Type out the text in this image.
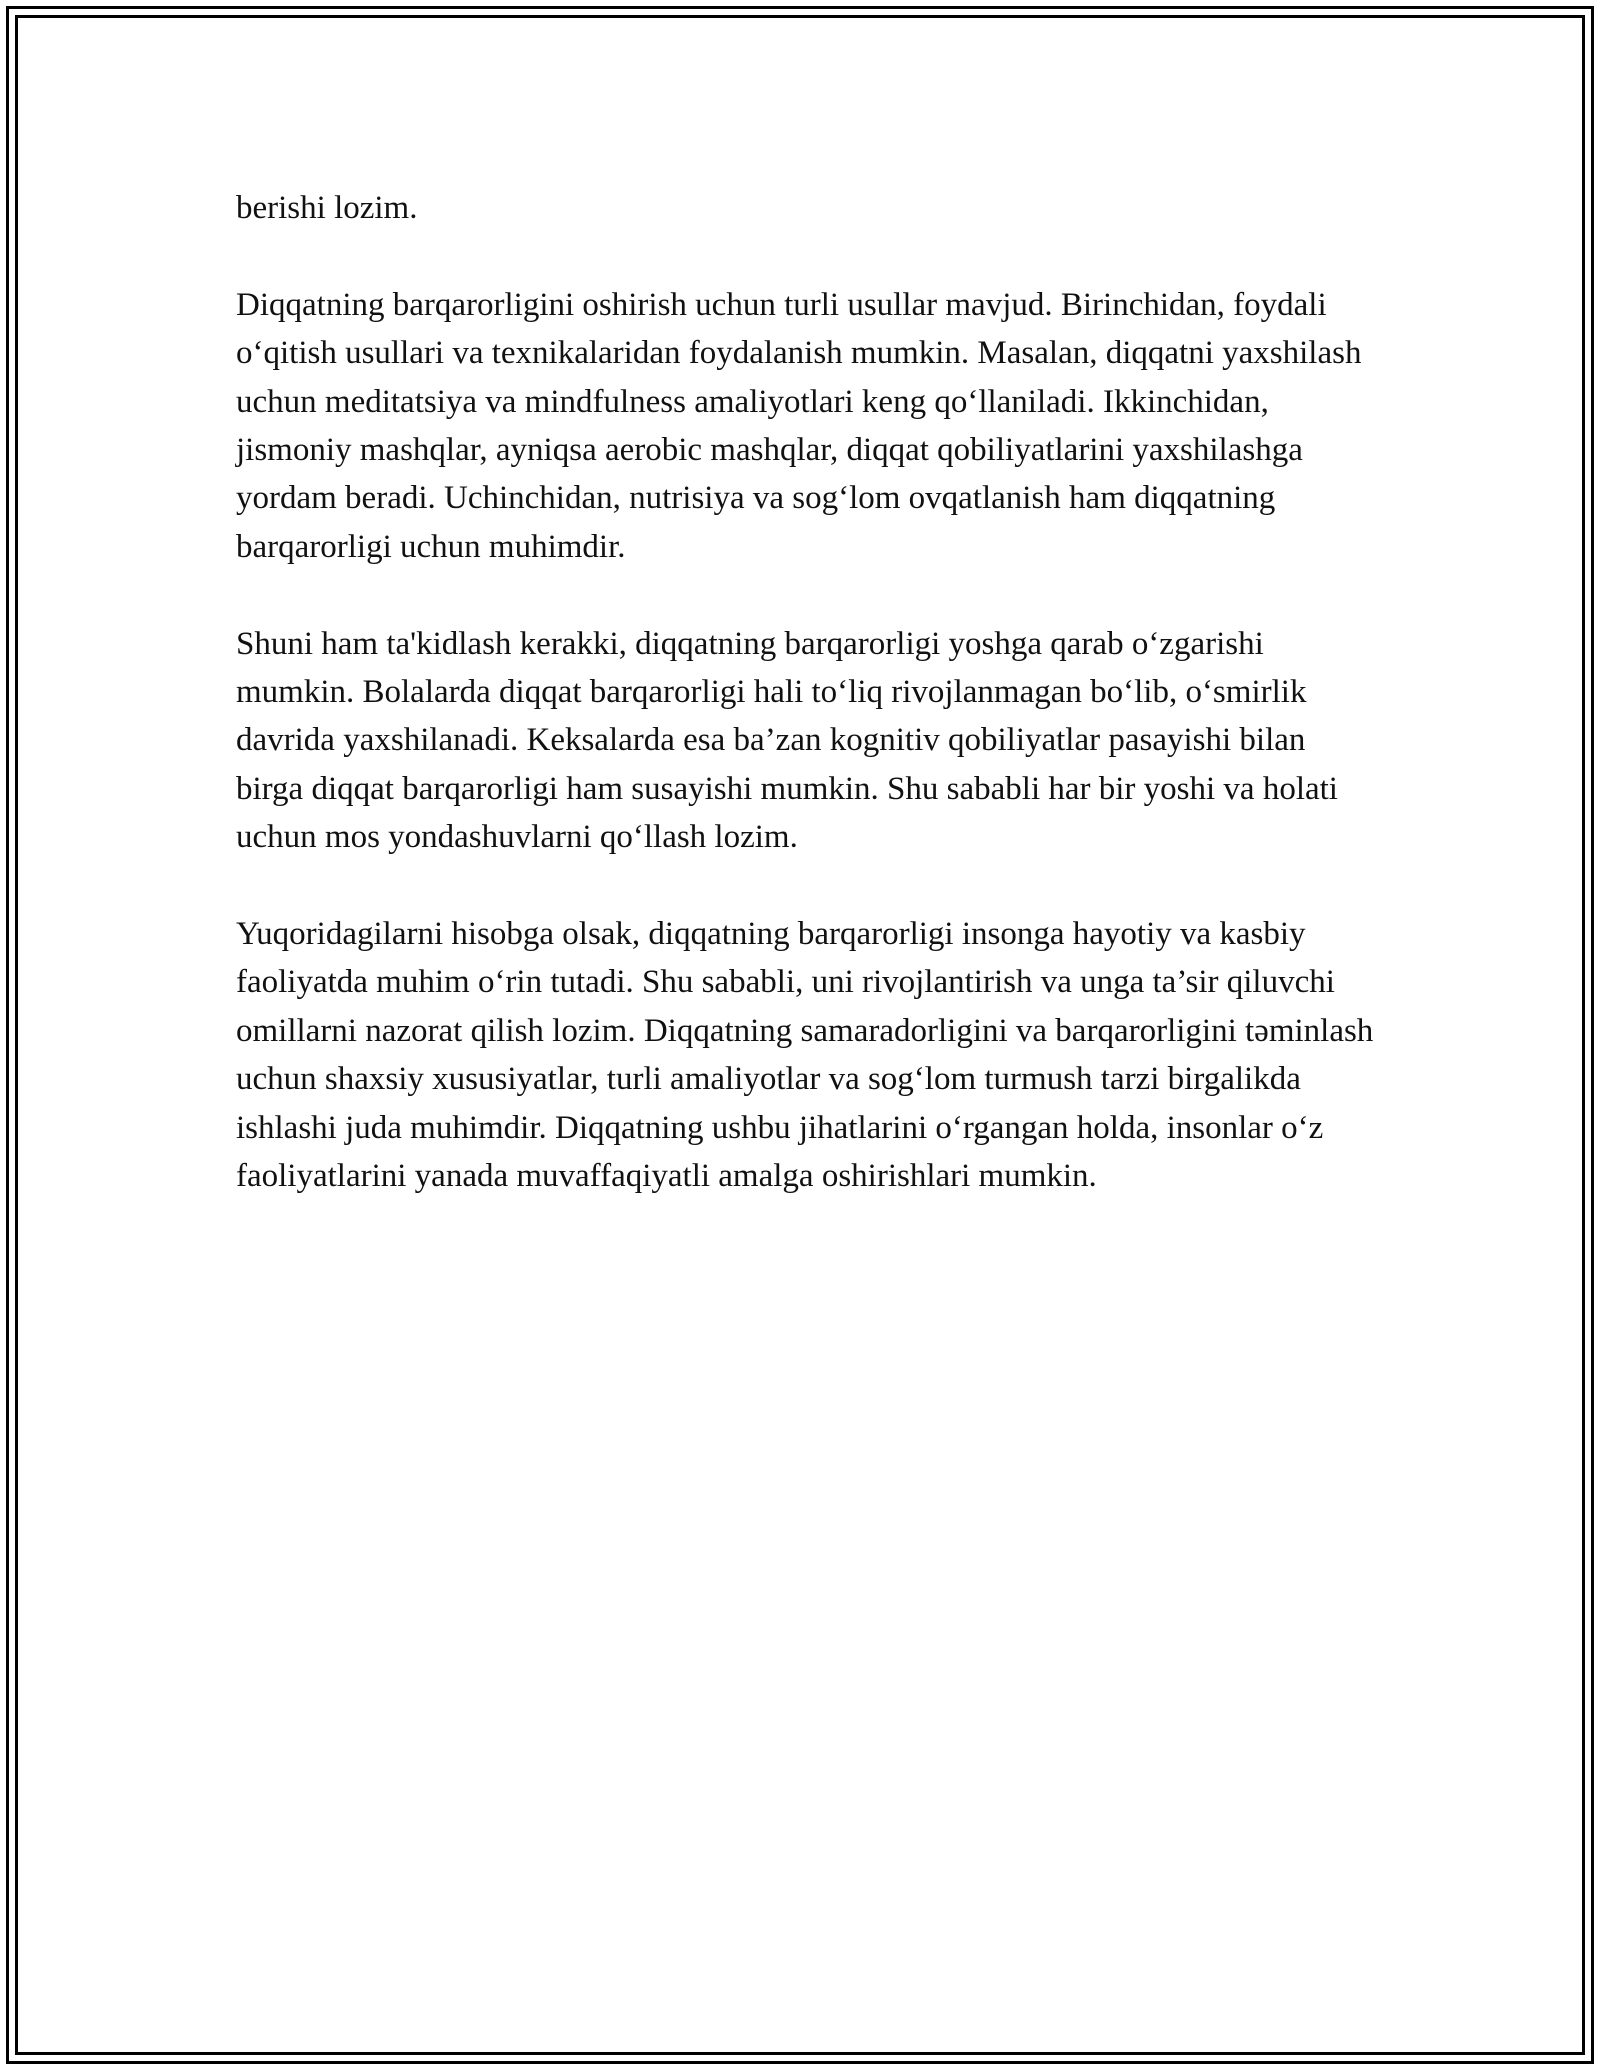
berishi lozim.

Diqqatning barqarorligini oshirish uchun turli usullar mavjud. Birinchidan, foydali o‘qitish usullari va texnikalaridan foydalanish mumkin. Masalan, diqqatni yaxshilash uchun meditatsiya va mindfulness amaliyotlari keng qo‘llaniladi. Ikkinchidan, jismoniy mashqlar, ayniqsa aerobic mashqlar, diqqat qobiliyatlarini yaxshilashga yordam beradi. Uchinchidan, nutrisiya va sog‘lom ovqatlanish ham diqqatning barqarorligi uchun muhimdir.

Shuni ham ta'kidlash kerakki, diqqatning barqarorligi yoshga qarab o‘zgarishi mumkin. Bolalarda diqqat barqarorligi hali to‘liq rivojlanmagan bo‘lib, o‘smirlik davrida yaxshilanadi. Keksalarda esa ba’zan kognitiv qobiliyatlar pasayishi bilan birga diqqat barqarorligi ham susayishi mumkin. Shu sababli har bir yoshi va holati uchun mos yondashuvlarni qo‘llash lozim.

Yuqoridagilarni hisobga olsak, diqqatning barqarorligi insonga hayotiy va kasbiy faoliyatda muhim o‘rin tutadi. Shu sababli, uni rivojlantirish va unga ta’sir qiluvchi omillarni nazorat qilish lozim. Diqqatning samaradorligini va barqarorligini təminlash uchun shaxsiy xususiyatlar, turli amaliyotlar va sog‘lom turmush tarzi birgalikda ishlashi juda muhimdir. Diqqatning ushbu jihatlarini o‘rgangan holda, insonlar o‘z faoliyatlarini yanada muvaffaqiyatli amalga oshirishlari mumkin.
